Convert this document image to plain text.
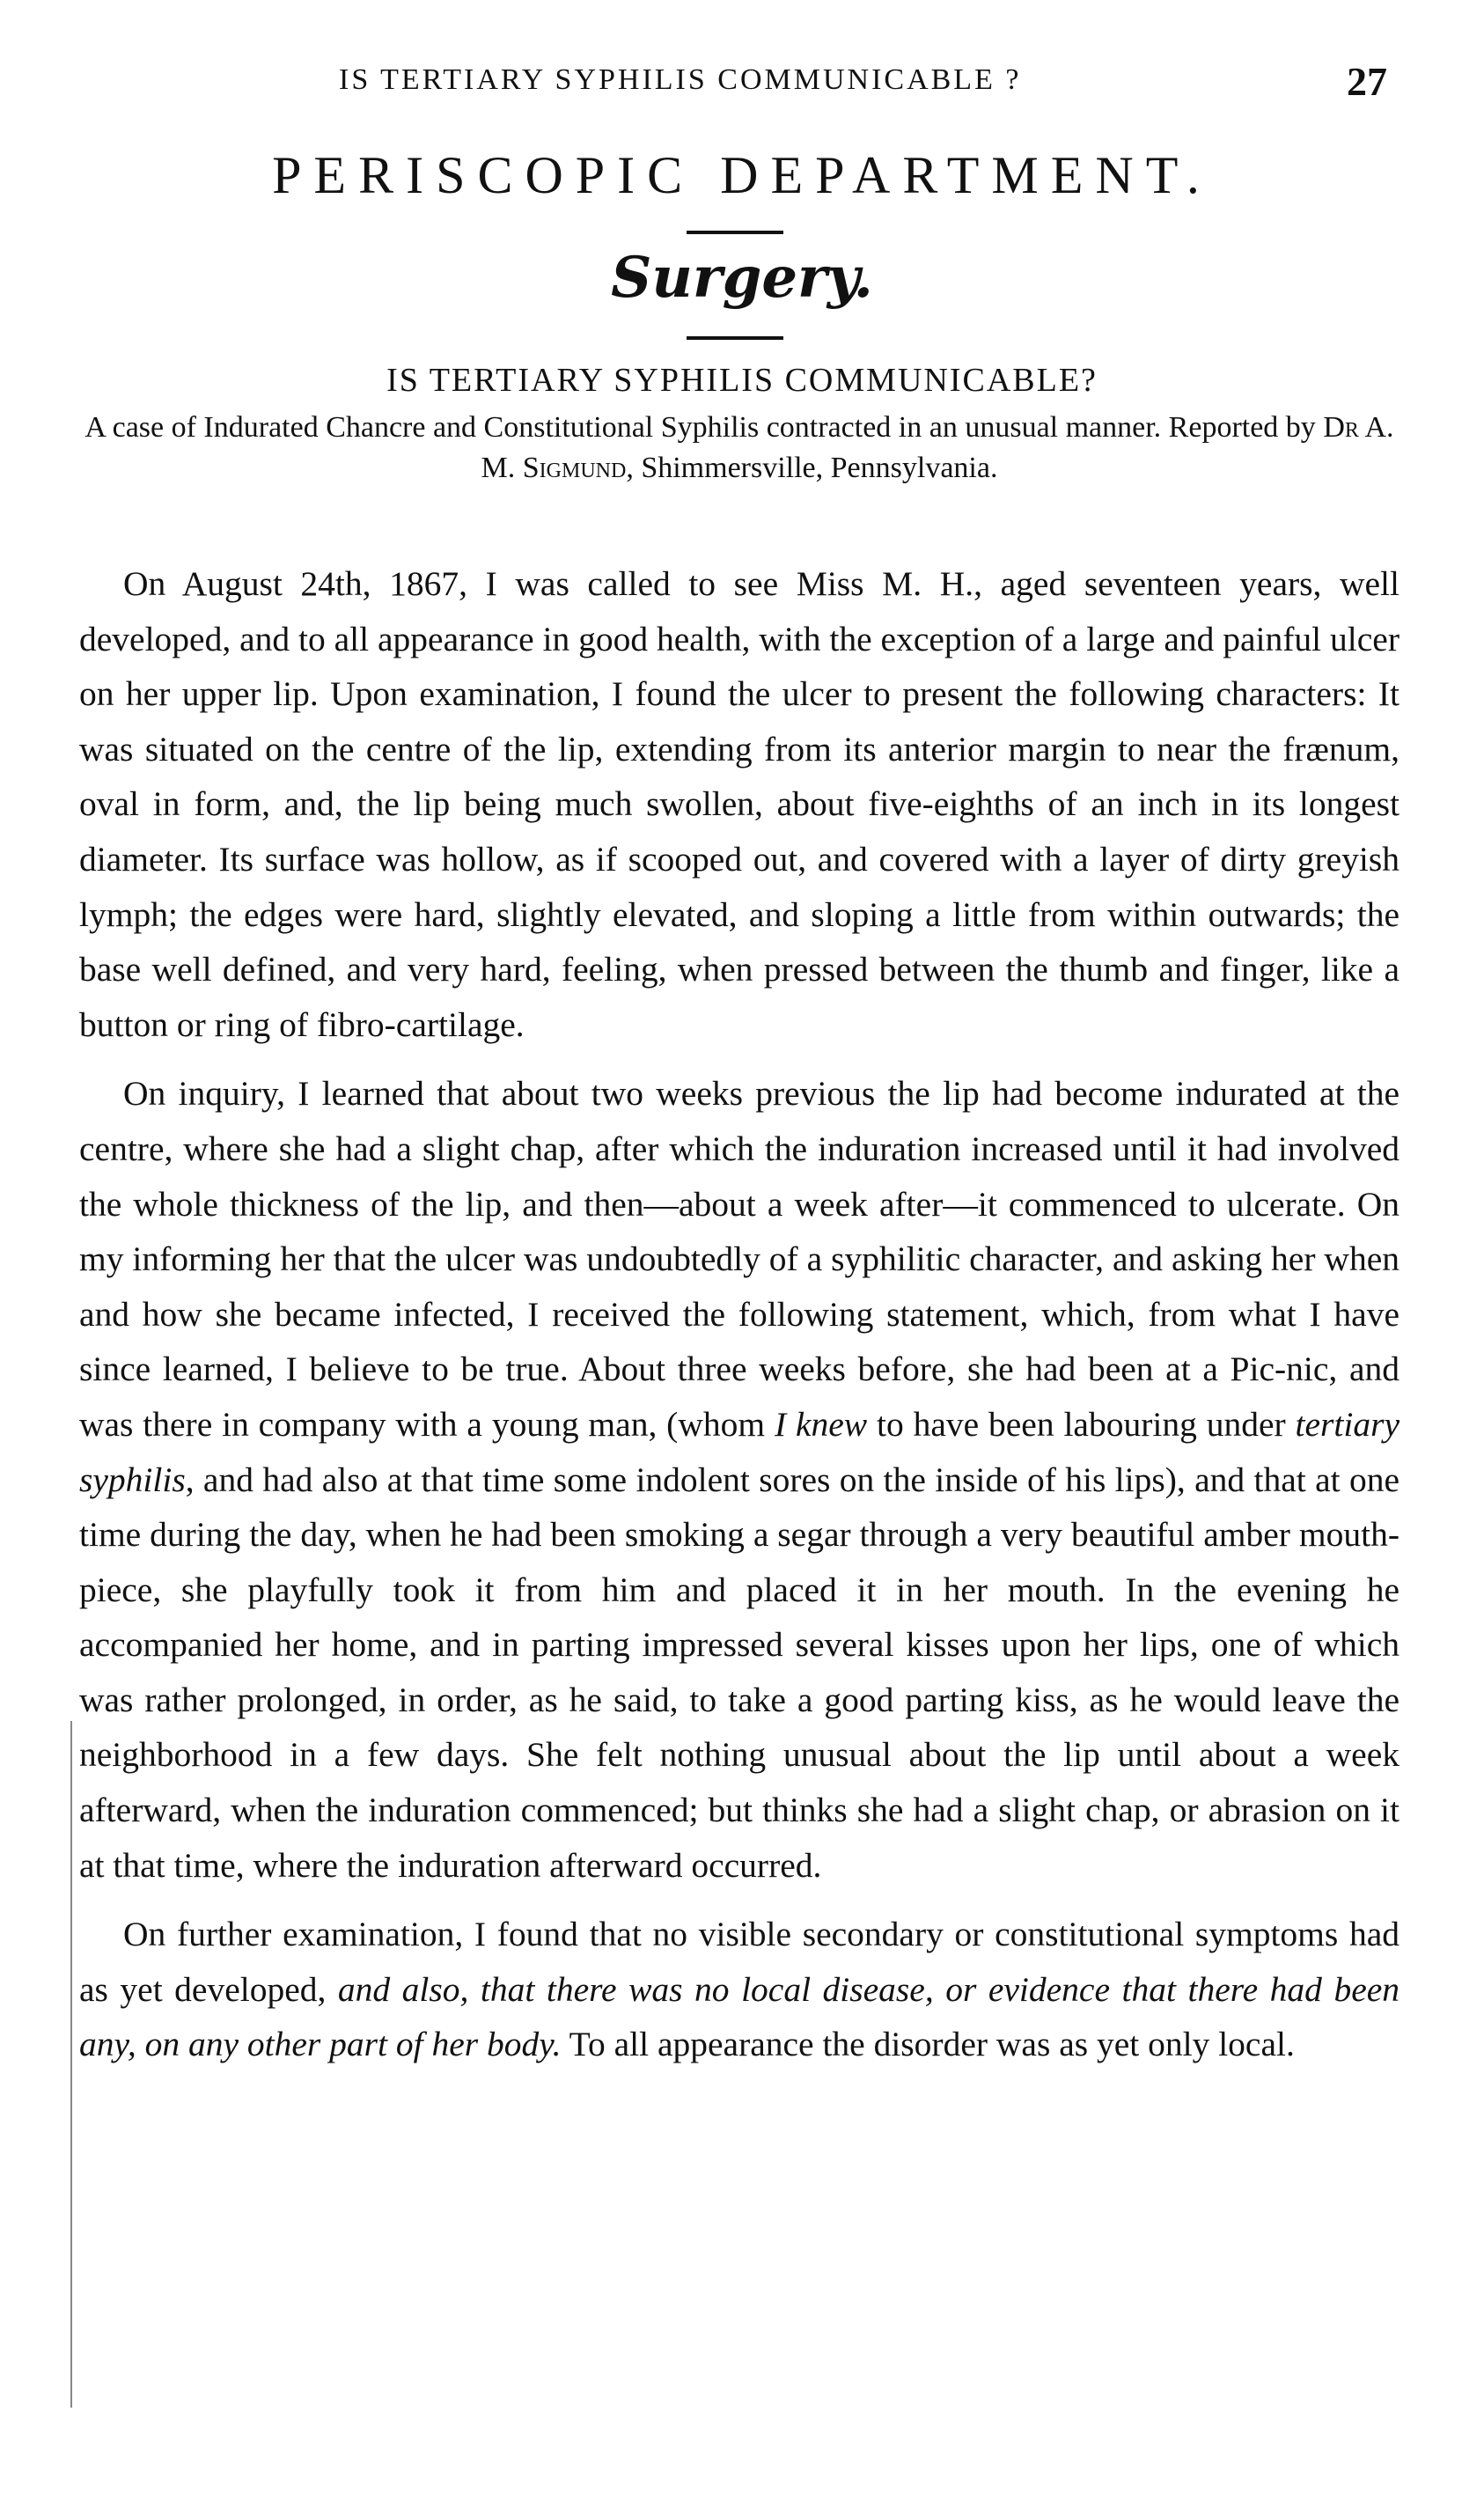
IS TERTIARY SYPHILIS COMMUNICABLE ?	27
PERISCOPIC DEPARTMENT.
Surgery.
IS TERTIARY SYPHILIS COMMUNICABLE?
A case of Indurated Chancre and Constitutional Syphilis contracted in an unusual manner. Reported by Dr A. M. Sigmund, Shimmersville, Pennsylvania.

On August 24th, 1867, I was called to see Miss M. H., aged seventeen years, well developed, and to all appearance in good health, with the exception of a large and painful ulcer on her upper lip. Upon examination, I found the ulcer to present the following characters: It was situated on the centre of the lip, extending from its anterior margin to near the frænum, oval in form, and, the lip being much swollen, about five-eighths of an inch in its longest diameter. Its surface was hollow, as if scooped out, and covered with a layer of dirty greyish lymph; the edges were hard, slightly elevated, and sloping a little from within outwards; the base well defined, and very hard, feeling, when pressed between the thumb and finger, like a button or ring of fibro-cartilage.

On inquiry, I learned that about two weeks previous the lip had become indurated at the centre, where she had a slight chap, after which the induration increased until it had involved the whole thickness of the lip, and then—about a week after—it commenced to ulcerate. On my informing her that the ulcer was undoubtedly of a syphilitic character, and asking her when and how she became infected, I received the following statement, which, from what I have since learned, I believe to be true. About three weeks before, she had been at a Pic-nic, and was there in company with a young man, (whom I knew to have been labouring under tertiary syphilis, and had also at that time some indolent sores on the inside of his lips), and that at one time during the day, when he had been smoking a segar through a very beautiful amber mouth-piece, she playfully took it from him and placed it in her mouth. In the evening he accompanied her home, and in parting impressed several kisses upon her lips, one of which was rather prolonged, in order, as he said, to take a good parting kiss, as he would leave the neighborhood in a few days. She felt nothing unusual about the lip until about a week afterward, when the induration commenced; but thinks she had a slight chap, or abrasion on it at that time, where the induration afterward occurred.

On further examination, I found that no visible secondary or constitutional symptoms had as yet developed, and also, that there was no local disease, or evidence that there had been any, on any other part of her body. To all appearance the disorder was as yet only local.
